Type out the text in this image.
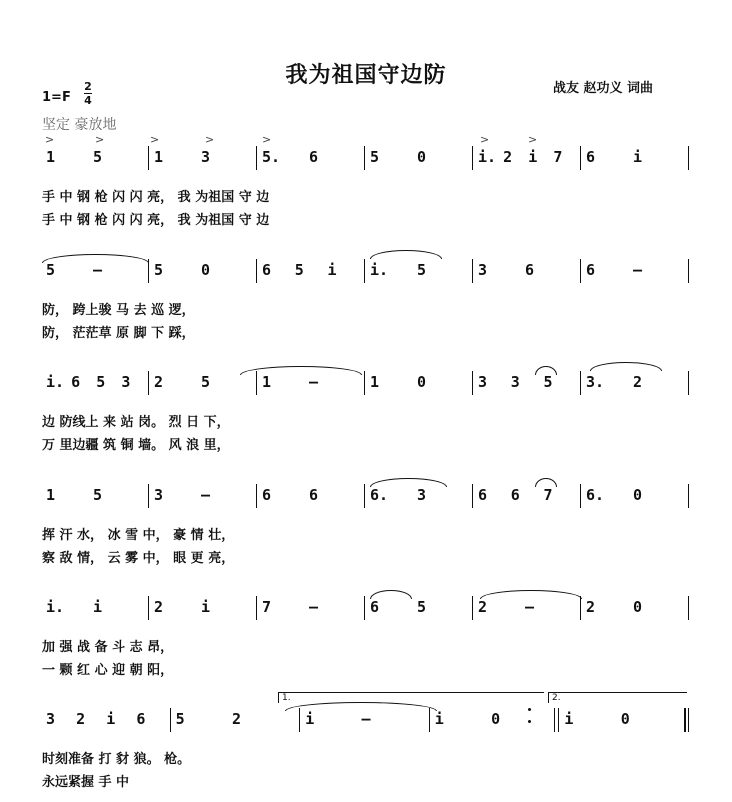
我为祖国守边防
战友 赵功义 词曲
1=F
2
4
坚定 豪放地
1	5	1	3	5. 6	5	0	i. 2 i 7 6	i
手 中 钢 枪 闪 闪 亮， 我 为祖国 守 边
手 中 钢 枪 闪 闪 亮， 我 为祖国 守 边
>	>	>	>	>	>	>
5	—	5	0	6 5 i i. 5	3	6	6	—
防， 跨上骏 马 去 巡 逻，
防， 茫茫草 原 脚 下 踩，
i. 6 5 3 2	5	1	—	1	0	3 3 5 3. 2
边 防线上 来 站 岗。 烈 日 下，
万 里边疆 筑 铜 墙。 风 浪 里，
1	5	3	—	6	6	6. 3	6 6 7 6. 0
挥 汗 水， 冰 雪 中， 豪 情 壮，
察 敌 情， 云 雾 中， 眼 更 亮，
i. i	2	i	7	—	6	5	2	—	2	0
加 强 战 备 斗 志 昂，
一 颗 红 心 迎 朝 阳，
3 2 i 6 5	2	i	—	i	0	i	0
时刻准备 打 豺 狼。 枪。
永远紧握 手 中
1.	2.
